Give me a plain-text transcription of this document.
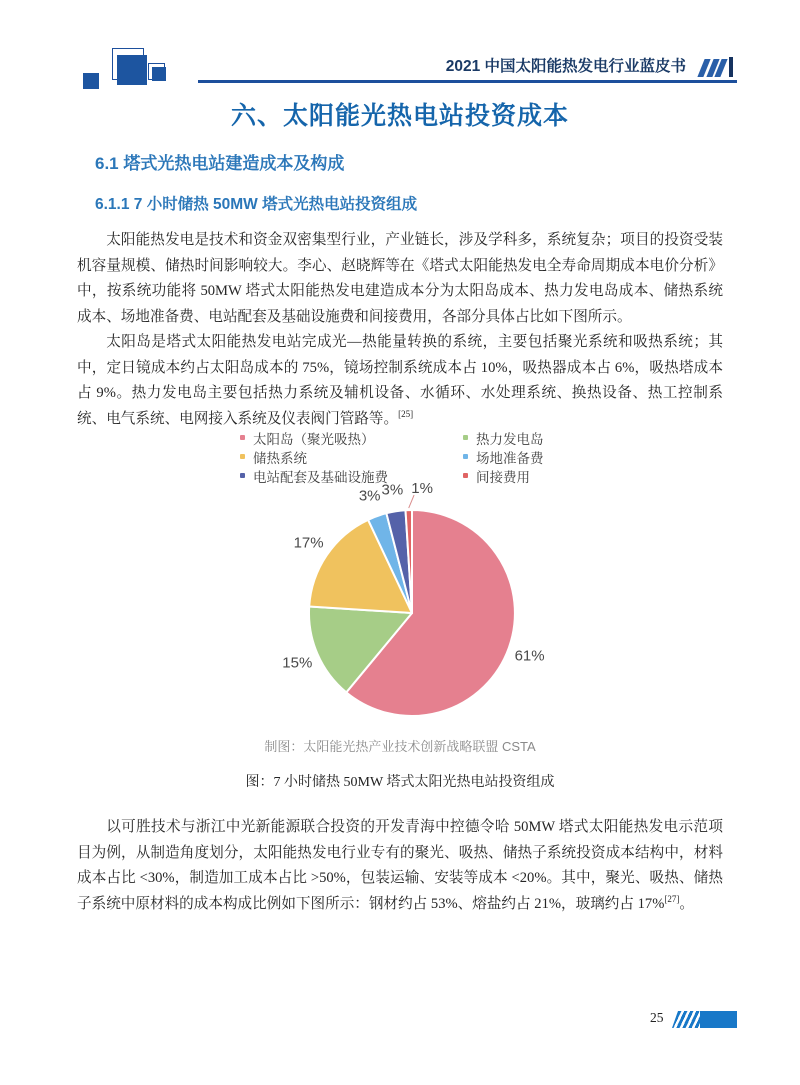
2021 中国太阳能热发电行业蓝皮书
六、太阳能光热电站投资成本
6.1 塔式光热电站建造成本及构成
6.1.1 7 小时储热 50MW 塔式光热电站投资组成

太阳能热发电是技术和资金双密集型行业，产业链长，涉及学科多，系统复杂；项目的投资受装机容量规模、储热时间影响较大。李心、赵晓辉等在《塔式太阳能热发电全寿命周期成本电价分析》中，按系统功能将 50MW 塔式太阳能热发电建造成本分为太阳岛成本、热力发电岛成本、储热系统成本、场地准备费、电站配套及基础设施费和间接费用，各部分具体占比如下图所示。

太阳岛是塔式太阳能热发电站完成光—热能量转换的系统，主要包括聚光系统和吸热系统；其中，定日镜成本约占太阳岛成本的 75%，镜场控制系统成本占 10%，吸热器成本占 6%，吸热塔成本占 9%。热力发电岛主要包括热力系统及辅机设备、水循环、水处理系统、换热设备、热工控制系统、电气系统、电网接入系统及仪表阀门管路等。[25]

太阳岛（聚光吸热）
储热系统
电站配套及基础设施费
热力发电岛
场地准备费
间接费用
61%
15%
17%
3% 3% 1%
制图：太阳能光热产业技术创新战略联盟 CSTA
图：7 小时储热 50MW 塔式太阳光热电站投资组成

以可胜技术与浙江中光新能源联合投资的开发青海中控德令哈 50MW 塔式太阳能热发电示范项目为例，从制造角度划分，太阳能热发电行业专有的聚光、吸热、储热子系统投资成本结构中，材料成本占比 <30%，制造加工成本占比 >50%，包装运输、安装等成本 <20%。其中，聚光、吸热、储热子系统中原材料的成本构成比例如下图所示：钢材约占 53%、熔盐约占 21%，玻璃约占 17%[27]。

25
